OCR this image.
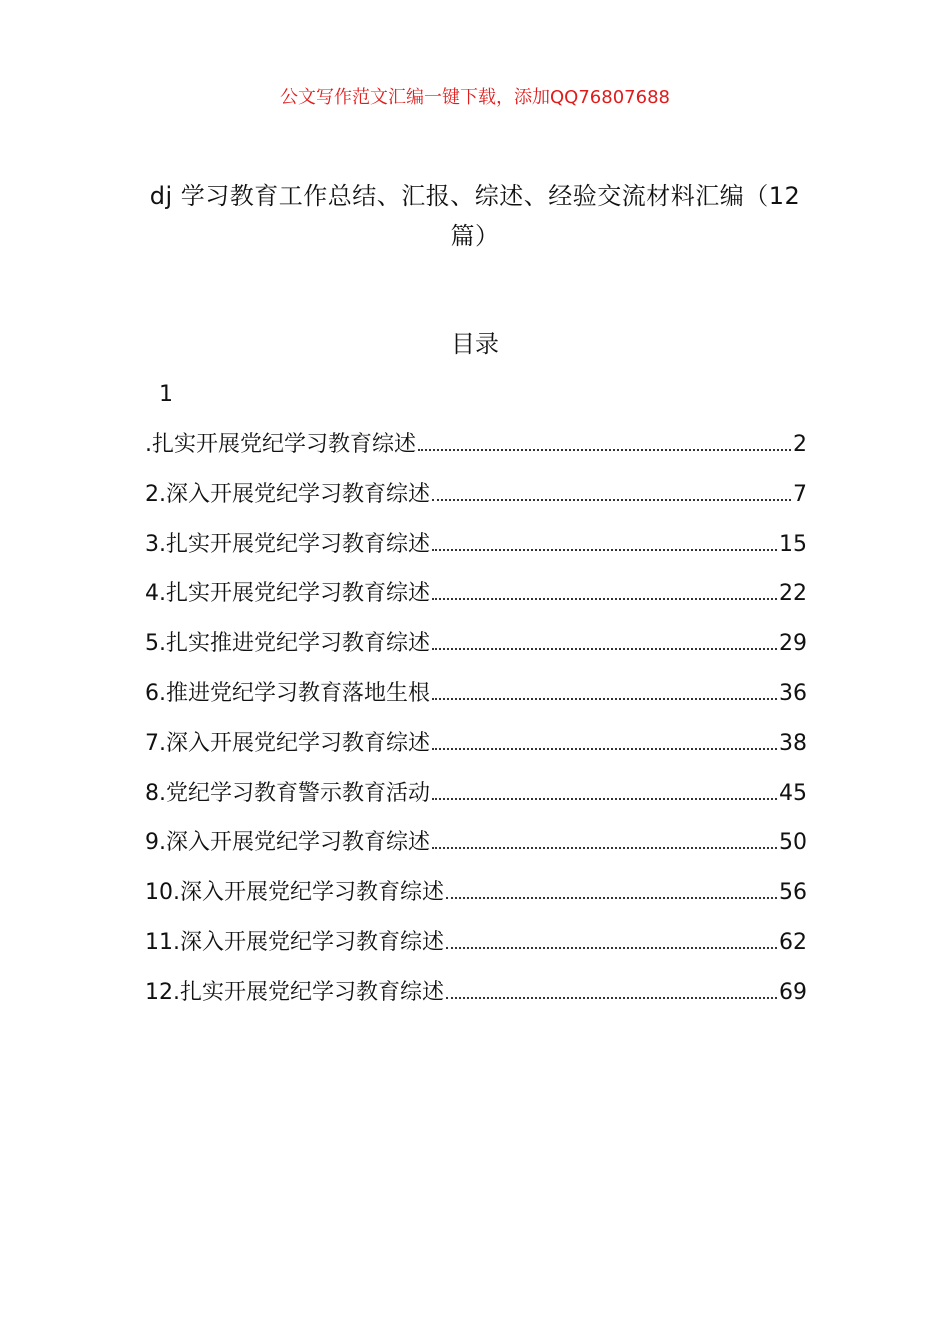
公文写作范文汇编一键下载，添加QQ76807688
dj 学习教育工作总结、汇报、综述、经验交流材料汇编（12
篇）
目录
1
.扎实开展党纪学习教育综述	2
2.深入开展党纪学习教育综述	7
3.扎实开展党纪学习教育综述	15
4.扎实开展党纪学习教育综述	22
5.扎实推进党纪学习教育综述	29
6.推进党纪学习教育落地生根	36
7.深入开展党纪学习教育综述	38
8.党纪学习教育警示教育活动	45
9.深入开展党纪学习教育综述	50
10.深入开展党纪学习教育综述	56
11.深入开展党纪学习教育综述	62
12.扎实开展党纪学习教育综述	69
